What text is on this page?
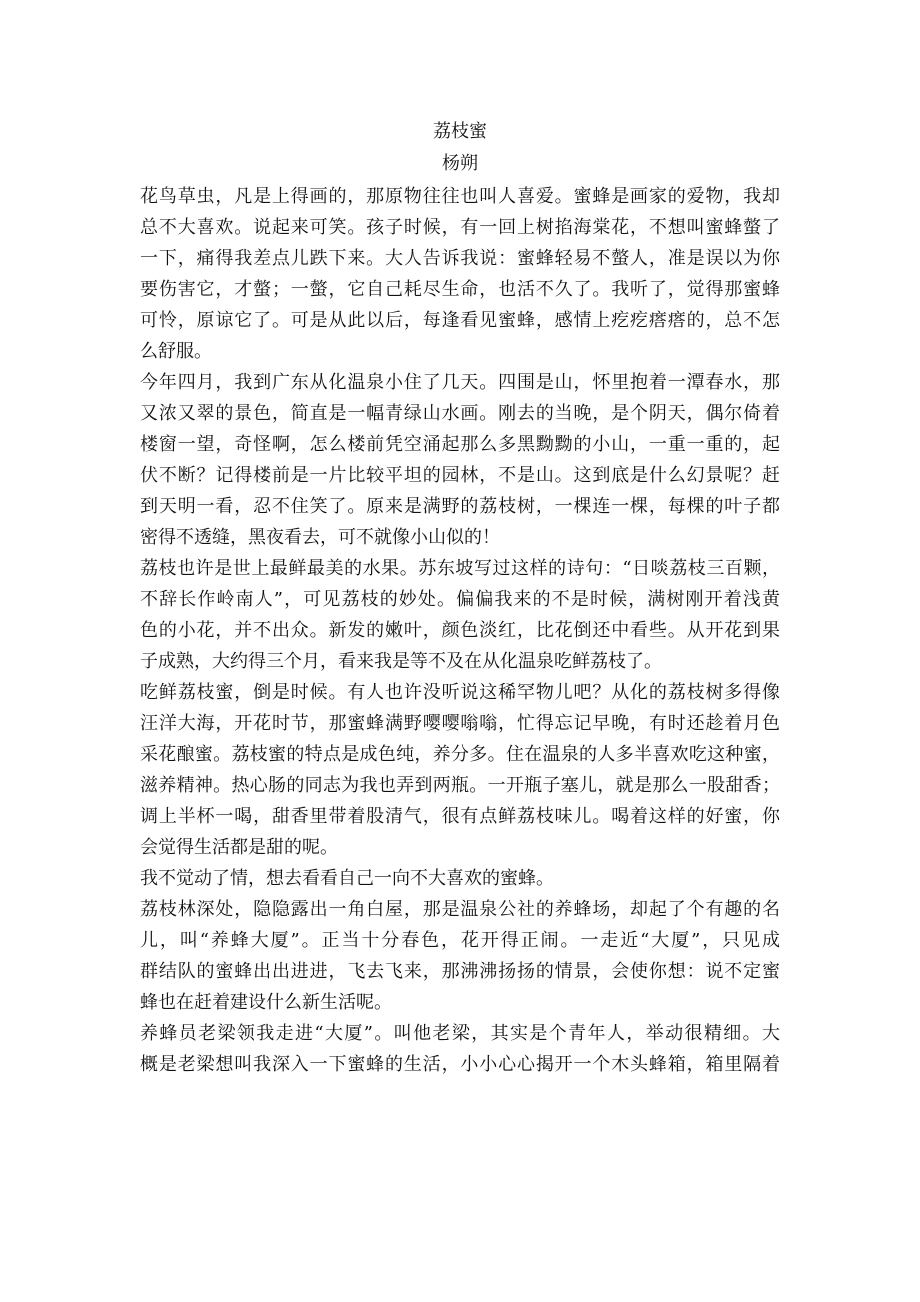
荔枝蜜
杨朔
花鸟草虫，凡是上得画的，那原物往往也叫人喜爱。蜜蜂是画家的爱物，我却
总不大喜欢。说起来可笑。孩子时候，有一回上树掐海棠花，不想叫蜜蜂螫了
一下，痛得我差点儿跌下来。大人告诉我说：蜜蜂轻易不螫人，准是误以为你
要伤害它，才螫；一螫，它自己耗尽生命，也活不久了。我听了，觉得那蜜蜂
可怜，原谅它了。可是从此以后，每逢看见蜜蜂，感情上疙疙瘩瘩的，总不怎
么舒服。
今年四月，我到广东从化温泉小住了几天。四围是山，怀里抱着一潭春水，那
又浓又翠的景色，简直是一幅青绿山水画。刚去的当晚，是个阴天，偶尔倚着
楼窗一望，奇怪啊，怎么楼前凭空涌起那么多黑黝黝的小山，一重一重的，起
伏不断？记得楼前是一片比较平坦的园林，不是山。这到底是什么幻景呢？赶
到天明一看，忍不住笑了。原来是满野的荔枝树，一棵连一棵，每棵的叶子都
密得不透缝，黑夜看去，可不就像小山似的！
荔枝也许是世上最鲜最美的水果。苏东坡写过这样的诗句：“日啖荔枝三百颗，
不辞长作岭南人”，可见荔枝的妙处。偏偏我来的不是时候，满树刚开着浅黄
色的小花，并不出众。新发的嫩叶，颜色淡红，比花倒还中看些。从开花到果
子成熟，大约得三个月，看来我是等不及在从化温泉吃鲜荔枝了。
吃鲜荔枝蜜，倒是时候。有人也许没听说这稀罕物儿吧？从化的荔枝树多得像
汪洋大海，开花时节，那蜜蜂满野嘤嘤嗡嗡，忙得忘记早晚，有时还趁着月色
采花酿蜜。荔枝蜜的特点是成色纯，养分多。住在温泉的人多半喜欢吃这种蜜，
滋养精神。热心肠的同志为我也弄到两瓶。一开瓶子塞儿，就是那么一股甜香；
调上半杯一喝，甜香里带着股清气，很有点鲜荔枝味儿。喝着这样的好蜜，你
会觉得生活都是甜的呢。
我不觉动了情，想去看看自己一向不大喜欢的蜜蜂。
荔枝林深处，隐隐露出一角白屋，那是温泉公社的养蜂场，却起了个有趣的名
儿，叫“养蜂大厦”。正当十分春色，花开得正闹。一走近“大厦”，只见成
群结队的蜜蜂出出进进，飞去飞来，那沸沸扬扬的情景，会使你想：说不定蜜
蜂也在赶着建设什么新生活呢。
养蜂员老梁领我走进“大厦”。叫他老梁，其实是个青年人，举动很精细。大
概是老梁想叫我深入一下蜜蜂的生活，小小心心揭开一个木头蜂箱，箱里隔着
